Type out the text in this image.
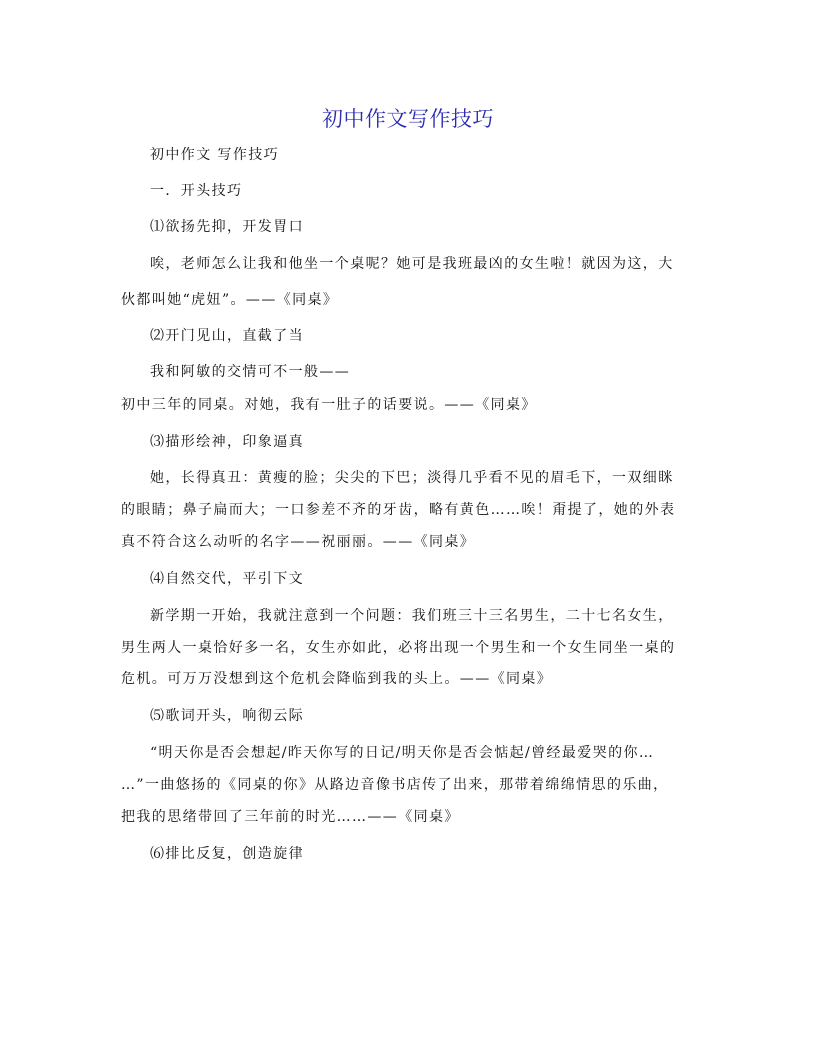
初中作文写作技巧
初中作文 写作技巧
一．开头技巧
⑴欲扬先抑，开发胃口
唉，老师怎么让我和他坐一个桌呢？她可是我班最凶的女生啦！就因为这，大
伙都叫她“虎妞”。——《同桌》
⑵开门见山，直截了当
我和阿敏的交情可不一般——
初中三年的同桌。对她，我有一肚子的话要说。——《同桌》
⑶描形绘神，印象逼真
她，长得真丑：黄瘦的脸；尖尖的下巴；淡得几乎看不见的眉毛下，一双细眯
的眼睛；鼻子扁而大；一口参差不齐的牙齿，略有黄色……唉！甭提了，她的外表
真不符合这么动听的名字——祝丽丽。——《同桌》
⑷自然交代，平引下文
新学期一开始，我就注意到一个问题：我们班三十三名男生，二十七名女生，
男生两人一桌恰好多一名，女生亦如此，必将出现一个男生和一个女生同坐一桌的
危机。可万万没想到这个危机会降临到我的头上。——《同桌》
⑸歌词开头，响彻云际
“明天你是否会想起/昨天你写的日记/明天你是否会惦起/曾经最爱哭的你…
…”一曲悠扬的《同桌的你》从路边音像书店传了出来，那带着绵绵情思的乐曲，
把我的思绪带回了三年前的时光……——《同桌》
⑹排比反复，创造旋律
